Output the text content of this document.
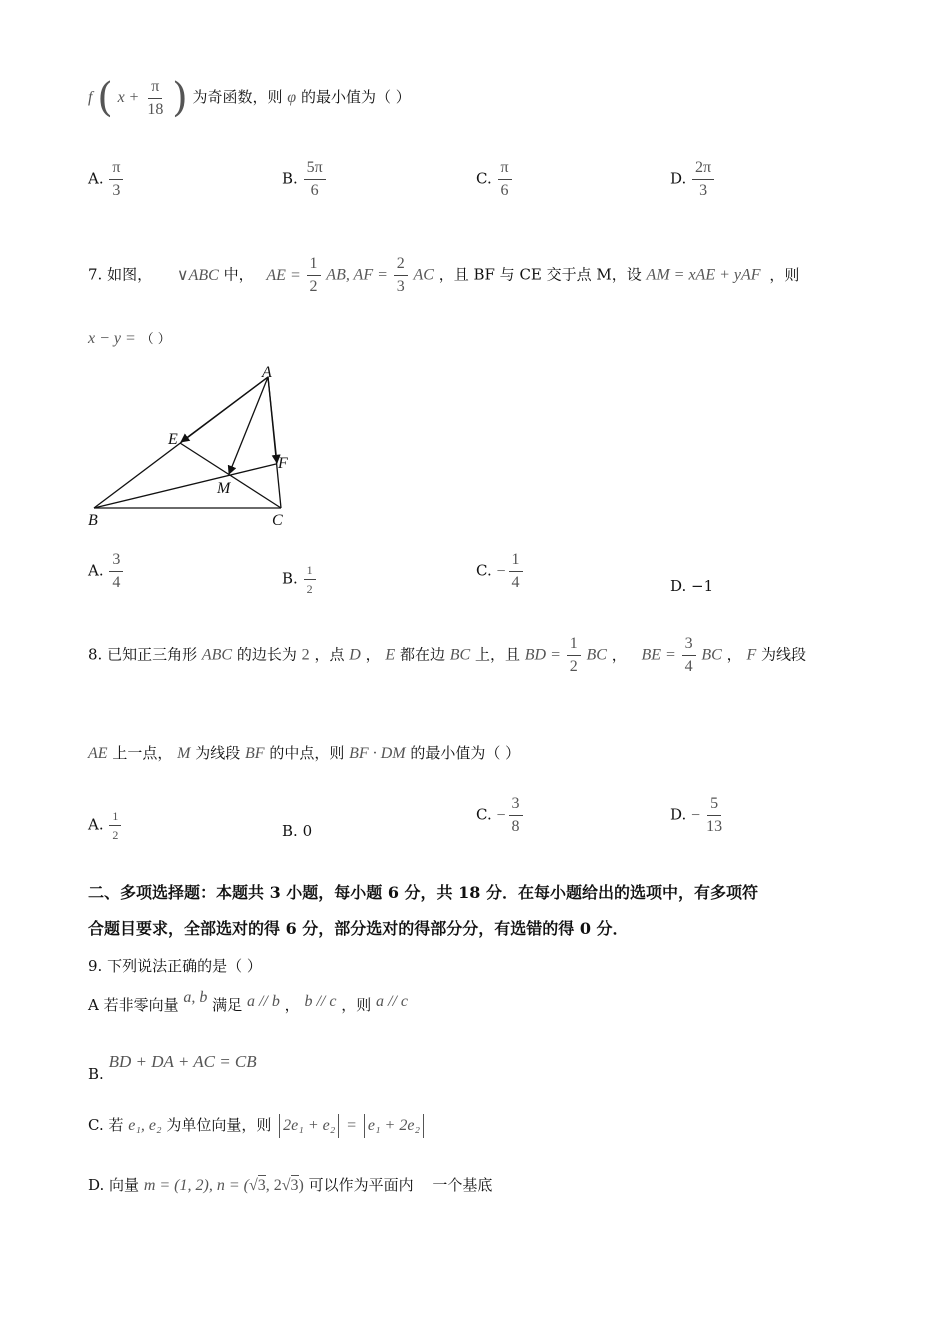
f ( $x + \frac{\pi}{18}$ ) 为奇函数，则 φ 的最小值为（ ）
A. $\frac{\pi}{3}$	B. $\frac{5\pi}{6}$	C. $\frac{\pi}{6}$	D. $\frac{2\pi}{3}$
7. 如图， ∨ABC 中， AE = $\frac{1}{2}$ AB, AF = $\frac{2}{3}$ AC ，且 BF 与 CE 交于点 M，设 AM = xAE + yAF ，则
x − y = （ ）
A
E
F
M
B	C
A. $\frac{3}{4}$	B. $\frac{1}{2}$	C. − $\frac{1}{4}$	D. −1
8. 已知正三角形 ABC 的边长为 2 ，点 D ， E 都在边 BC 上，且 BD = $\frac{1}{2}$ BC ， BE = $\frac{3}{4}$ BC ， F 为线段
AE 上一点， M 为线段 BF 的中点，则 BF · DM 的最小值为（ ）
A. $\frac{1}{2}$	B. 0
C. − $\frac{3}{8}$	D. − $\frac{5}{13}$
二、多项选择题：本题共 3 小题，每小题 6 分，共 18 分．在每小题给出的选项中，有多项符
合题目要求，全部选对的得 6 分，部分选对的得部分分，有选错的得 0 分．
9. 下列说法正确的是（ ）
A 若非零向量 a, b 满足 a // b ， b // c ，则 a // c
B. BD + DA + AC = CB
C. 若 e₁, e₂ 为单位向量，则 2e₁ + e₂ = e₁ + 2e₂
D. 向量 m = (1, 2), n = (√3, 2√3) 可以作为平面内 一个基底
